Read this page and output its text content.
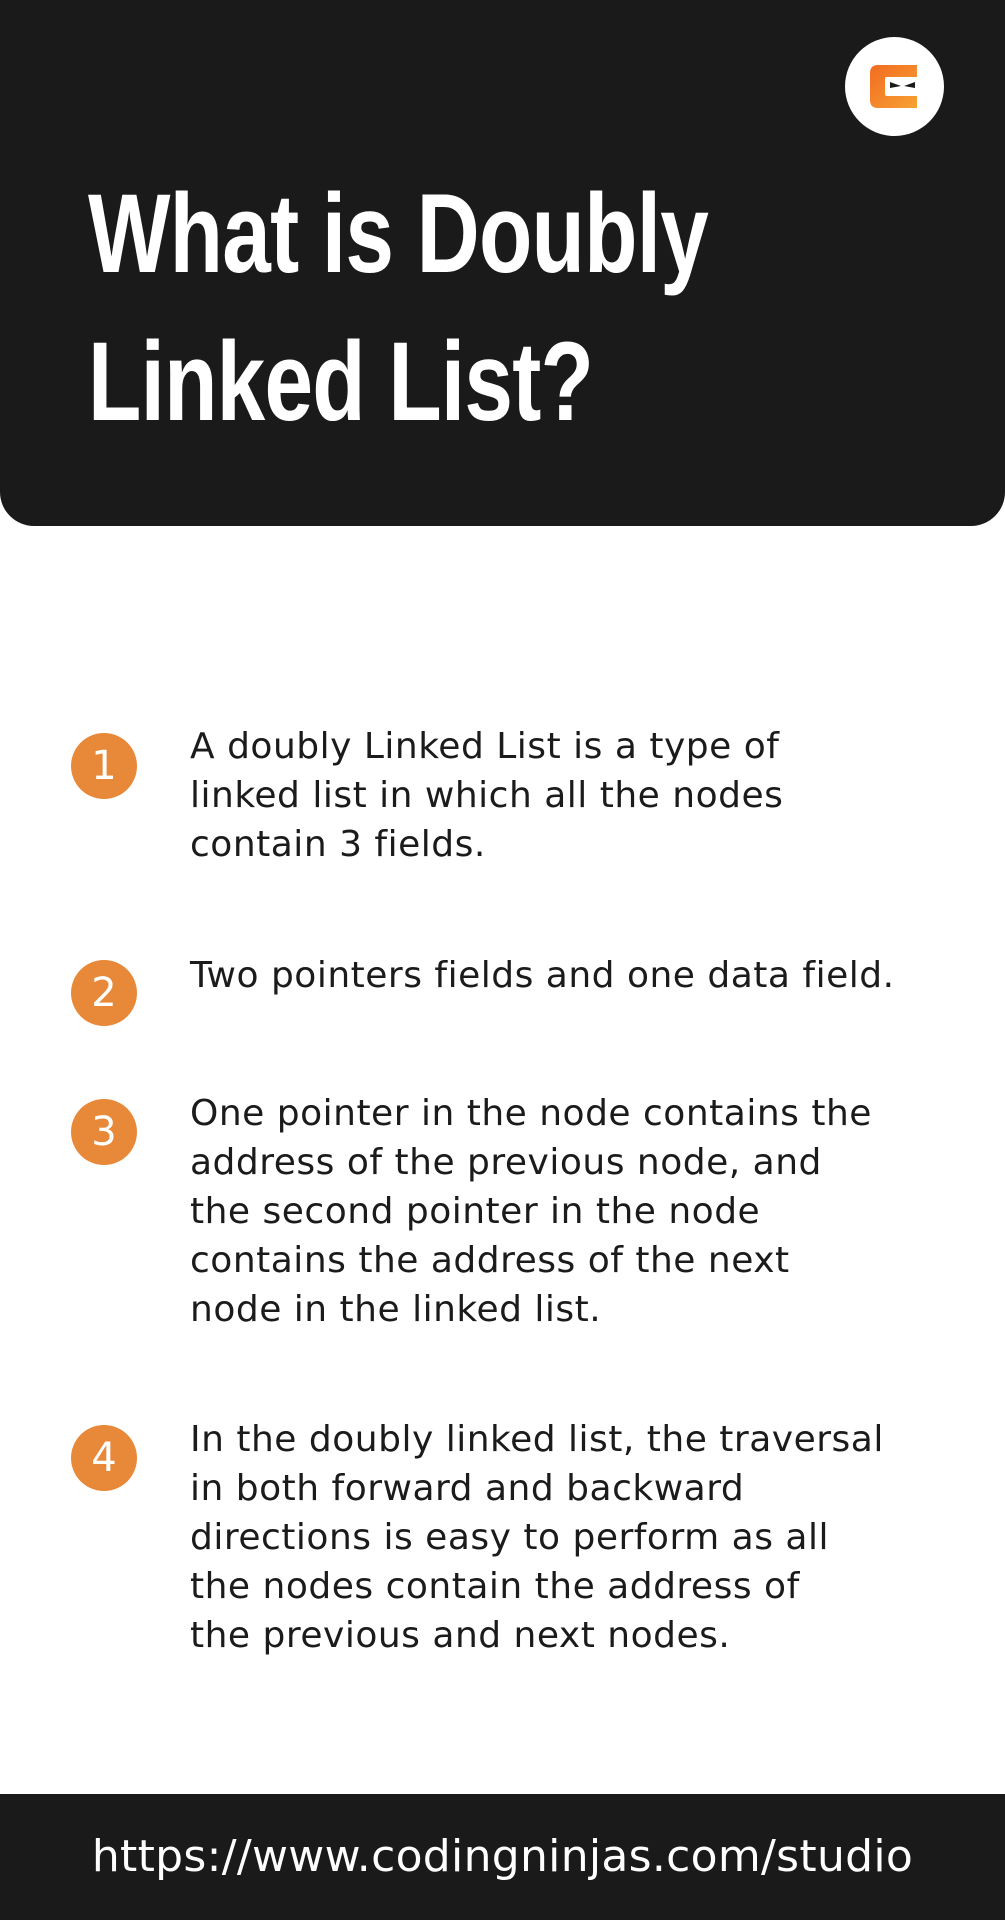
What is Doubly
Linked List?
1	A doubly Linked List is a type of
linked list in which all the nodes
contain 3 fields.

2	Two pointers fields and one data field.

3	One pointer in the node contains the
address of the previous node, and
the second pointer in the node
contains the address of the next
node in the linked list.

4	In the doubly linked list, the traversal
in both forward and backward
directions is easy to perform as all
the nodes contain the address of
the previous and next nodes.

https://www.codingninjas.com/studio
